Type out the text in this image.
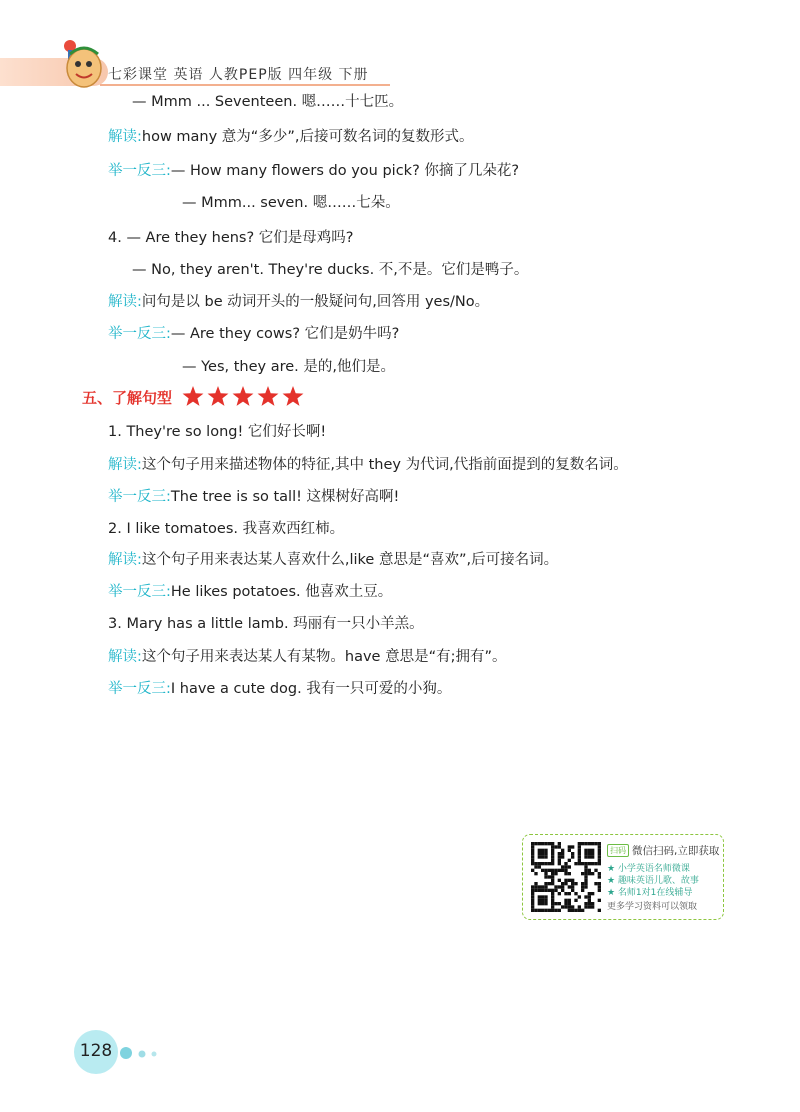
七彩课堂 英语 人教PEP版 四年级 下册
— Mmm ... Seventeen. 嗯……十七匹。
解读:how many 意为“多少”,后接可数名词的复数形式。
举一反三:— How many flowers do you pick? 你摘了几朵花?
— Mmm... seven. 嗯……七朵。
4. — Are they hens? 它们是母鸡吗?
— No, they aren't. They're ducks. 不,不是。它们是鸭子。
解读:问句是以 be 动词开头的一般疑问句,回答用 yes/No。
举一反三:— Are they cows? 它们是奶牛吗?
— Yes, they are. 是的,他们是。
五、了解句型
1. They're so long! 它们好长啊!
解读:这个句子用来描述物体的特征,其中 they 为代词,代指前面提到的复数名词。
举一反三:The tree is so tall! 这棵树好高啊!
2. I like tomatoes. 我喜欢西红柿。
解读:这个句子用来表达某人喜欢什么,like 意思是“喜欢”,后可接名词。
举一反三:He likes potatoes. 他喜欢土豆。
3. Mary has a little lamb. 玛丽有一只小羊羔。
解读:这个句子用来表达某人有某物。have 意思是“有;拥有”。
举一反三:I have a cute dog. 我有一只可爱的小狗。
扫码 微信扫码,立即获取
★ 小学英语名师微课
★ 趣味英语儿歌、故事
★ 名师1对1在线辅导
更多学习资料可以领取
128
